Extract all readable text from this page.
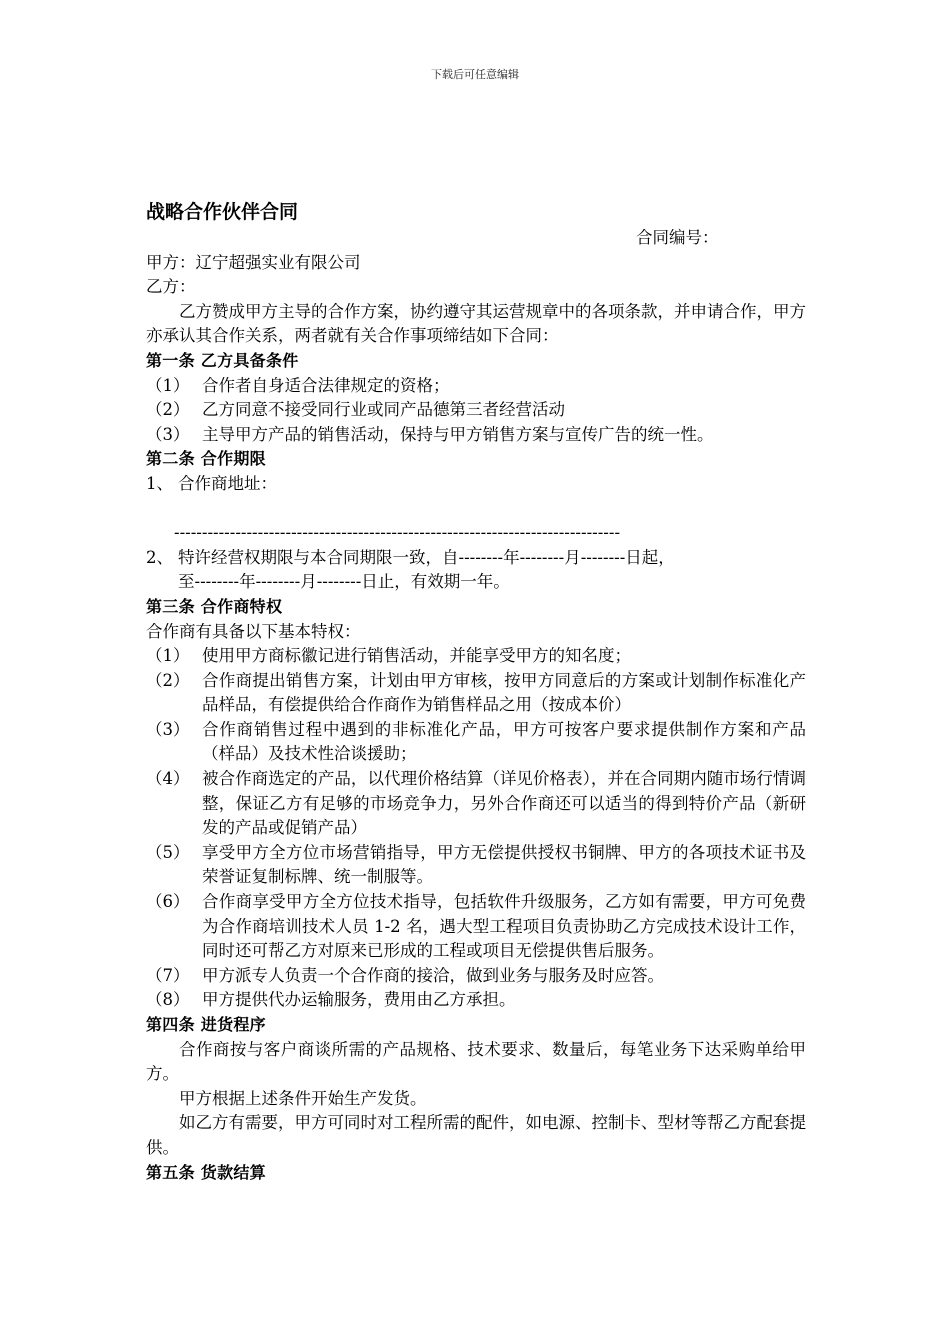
下载后可任意编辑
战略合作伙伴合同
合同编号：
甲方：辽宁超强实业有限公司
乙方：
乙方赞成甲方主导的合作方案，协约遵守其运营规章中的各项条款，并申请合作，甲方亦承认其合作关系，两者就有关合作事项缔结如下合同：
第一条 乙方具备条件
（1） 合作者自身适合法律规定的资格；
（2） 乙方同意不接受同行业或同产品德第三者经营活动
（3） 主导甲方产品的销售活动，保持与甲方销售方案与宣传广告的统一性。
第二条 合作期限
1、 合作商地址：
--------------------------------------------------------------------------------
2、 特许经营权期限与本合同期限一致，自--------年--------月--------日起，
至--------年--------月--------日止，有效期一年。
第三条 合作商特权
合作商有具备以下基本特权：
（1） 使用甲方商标徽记进行销售活动，并能享受甲方的知名度；
（2） 合作商提出销售方案，计划由甲方审核，按甲方同意后的方案或计划制作标准化产品样品，有偿提供给合作商作为销售样品之用（按成本价）
（3） 合作商销售过程中遇到的非标准化产品，甲方可按客户要求提供制作方案和产品（样品）及技术性洽谈援助；
（4） 被合作商选定的产品，以代理价格结算（详见价格表），并在合同期内随市场行情调整，保证乙方有足够的市场竞争力，另外合作商还可以适当的得到特价产品（新研发的产品或促销产品）
（5） 享受甲方全方位市场营销指导，甲方无偿提供授权书铜牌、甲方的各项技术证书及荣誉证复制标牌、统一制服等。
（6） 合作商享受甲方全方位技术指导，包括软件升级服务，乙方如有需要，甲方可免费为合作商培训技术人员 1-2 名，遇大型工程项目负责协助乙方完成技术设计工作，同时还可帮乙方对原来已形成的工程或项目无偿提供售后服务。
（7） 甲方派专人负责一个合作商的接洽，做到业务与服务及时应答。
（8） 甲方提供代办运输服务，费用由乙方承担。
第四条 进货程序
合作商按与客户商谈所需的产品规格、技术要求、数量后，每笔业务下达采购单给甲方。
甲方根据上述条件开始生产发货。
如乙方有需要，甲方可同时对工程所需的配件，如电源、控制卡、型材等帮乙方配套提供。
第五条 货款结算
